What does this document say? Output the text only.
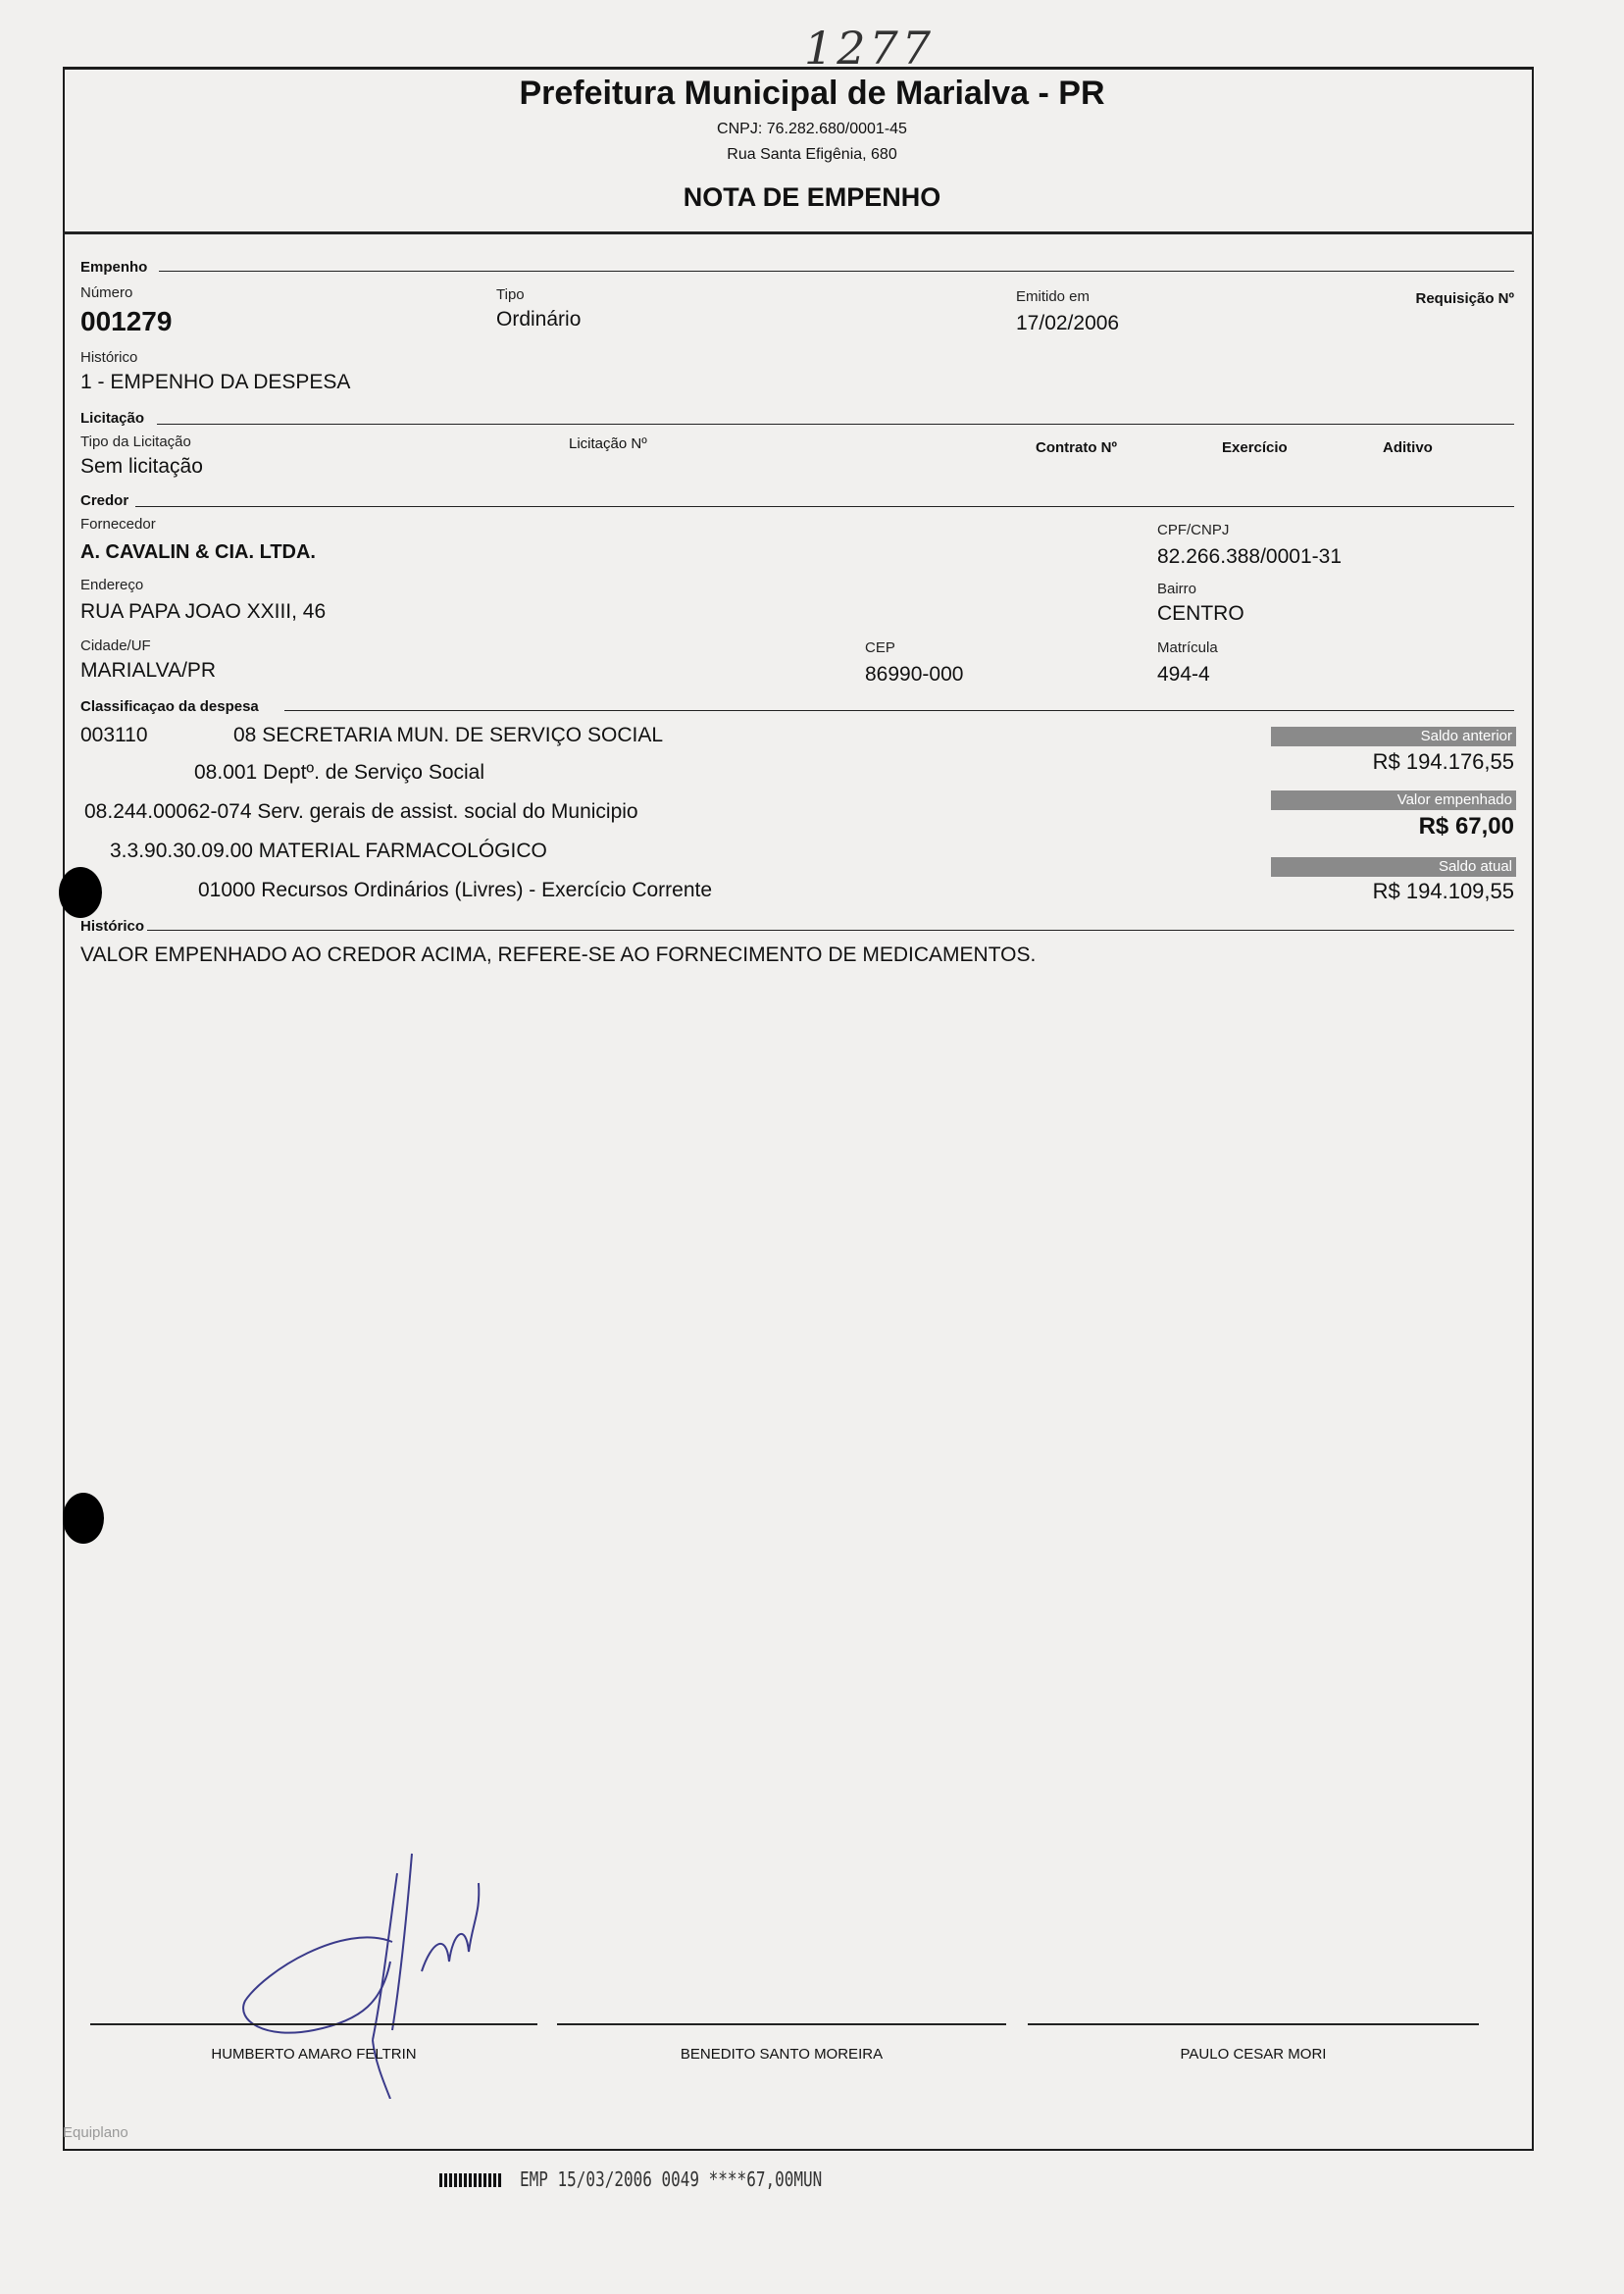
1277
Prefeitura Municipal de Marialva - PR
CNPJ: 76.282.680/0001-45
Rua Santa Efigênia, 680
NOTA DE EMPENHO
Empenho
Número
001279
Tipo
Ordinário
Emitido em
17/02/2006
Requisição Nº
Histórico
1 - EMPENHO DA DESPESA
Licitação
Tipo da Licitação
Sem licitação
Licitação Nº	Contrato Nº	Exercício	Aditivo
Credor
Fornecedor
A. CAVALIN & CIA. LTDA.
CPF/CNPJ
82.266.388/0001-31
Endereço
RUA PAPA JOAO XXIII, 46
Bairro
CENTRO
Cidade/UF
MARIALVA/PR
CEP
86990-000
Matrícula
494-4
Classificaçao da despesa
003110	08 SECRETARIA MUN. DE SERVIÇO SOCIAL
08.001 Deptº. de Serviço Social
08.244.00062-074 Serv. gerais de assist. social do Municipio
3.3.90.30.09.00 MATERIAL FARMACOLÓGICO
01000 Recursos Ordinários (Livres) - Exercício Corrente
Saldo anterior
R$ 194.176,55
Valor empenhado
R$ 67,00
Saldo atual
R$ 194.109,55
Histórico
VALOR EMPENHADO AO CREDOR ACIMA, REFERE-SE AO FORNECIMENTO DE MEDICAMENTOS.
HUMBERTO AMARO FELTRIN	BENEDITO SANTO MOREIRA	PAULO CESAR MORI
Equiplano
EMP 15/03/2006 0049 ****67,00MUN
